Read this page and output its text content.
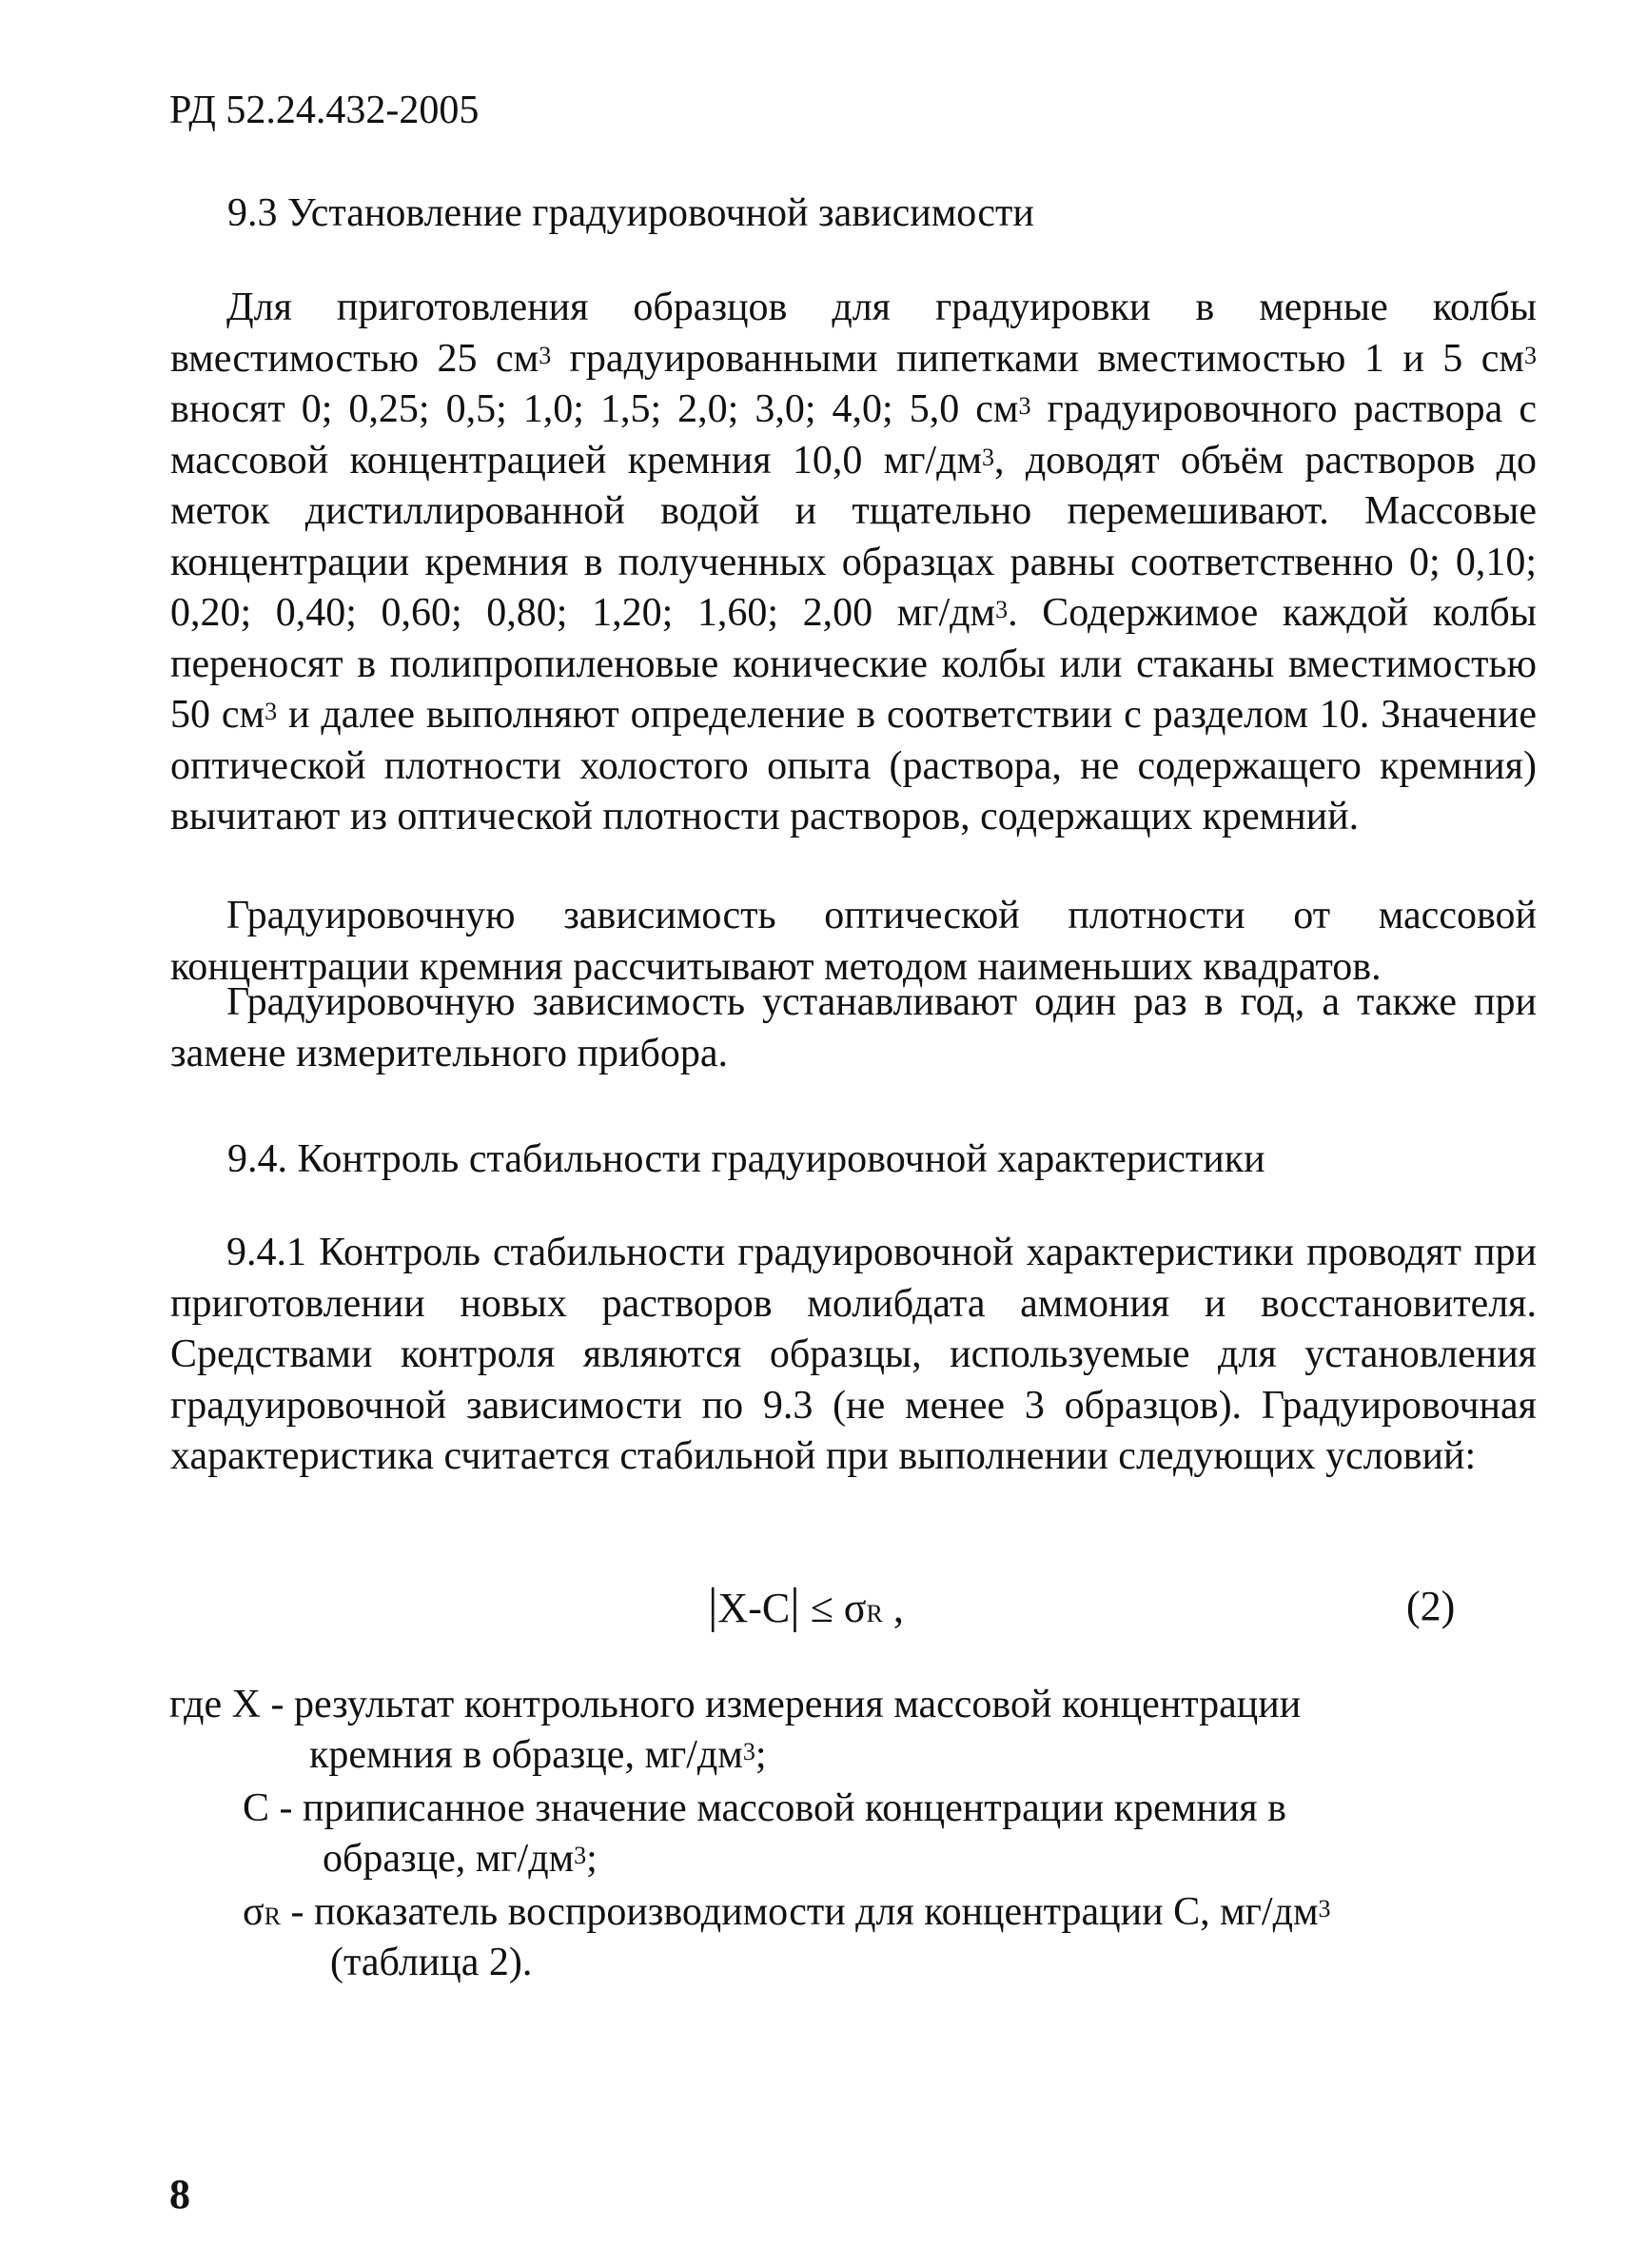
РД 52.24.432-2005
9.3 Установление градуировочной зависимости

Для приготовления образцов для градуировки в мерные колбы вместимостью 25 $см^3$ градуированными пипетками вместимостью 1 и 5 $см^3$ вносят 0; 0,25; 0,5; 1,0; 1,5; 2,0; 3,0; 4,0; 5,0 $см^3$ градуировочного раствора с массовой концентрацией кремния 10,0 $мг/дм^3$, доводят объём растворов до меток дистиллированной водой и тщательно перемешивают. Массовые концентрации кремния в полученных образцах равны соответственно 0; 0,10; 0,20; 0,40; 0,60; 0,80; 1,20; 1,60; 2,00 $мг/дм^3$. Содержимое каждой колбы переносят в полипропиленовые конические колбы или стаканы вместимостью 50 $см^3$ и далее выполняют определение в соответствии с разделом 10. Значение оптической плотности холостого опыта (раствора, не содержащего кремния) вычитают из оптической плотности растворов, содержащих кремний.

Градуировочную зависимость оптической плотности от массовой концентрации кремния рассчитывают методом наименьших квадратов.

Градуировочную зависимость устанавливают один раз в год, а также при замене измерительного прибора.

9.4. Контроль стабильности градуировочной характеристики

9.4.1 Контроль стабильности градуировочной характеристики проводят при приготовлении новых растворов молибдата аммония и восстановителя. Средствами контроля являются образцы, используемые для установления градуировочной зависимости по 9.3 (не менее 3 образцов). Градуировочная характеристика считается стабильной при выполнении следующих условий:

|X-C| ≤ σR ,	(2)
где X - результат контрольного измерения массовой концентрации
кремния в образце, $мг/дм^3$;
C - приписанное значение массовой концентрации кремния в
образце, $мг/дм^3$;
σR - показатель воспроизводимости для концентрации C, $мг/дм^3$
(таблица 2).
8
